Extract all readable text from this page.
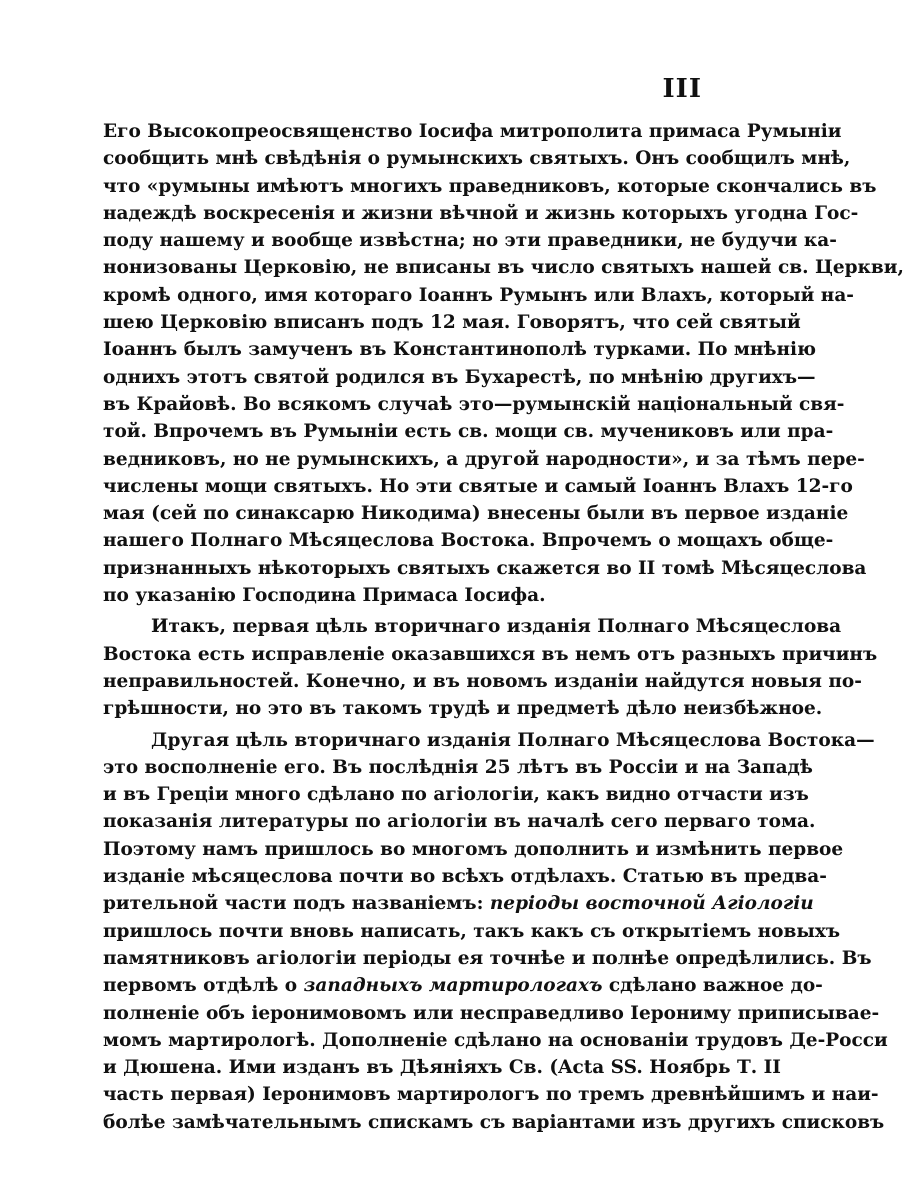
III
Его Высокопреосвященство Іосифа митрополита примаса Румыніи
сообщить мнѣ свѣдѣнія о румынскихъ святыхъ. Онъ сообщилъ мнѣ,
что «румыны имѣютъ многихъ праведниковъ, которые скончались въ
надеждѣ воскресенія и жизни вѣчной и жизнь которыхъ угодна Гос-
поду нашему и вообще извѣстна; но эти праведники, не будучи ка-
нонизованы Церковію, не вписаны въ число святыхъ нашей св. Церкви,
кромѣ одного, имя котораго Іоаннъ Румынъ или Влахъ, который на-
шею Церковію вписанъ подъ 12 мая. Говорятъ, что сей святый
Іоаннъ былъ замученъ въ Константинополѣ турками. По мнѣнію
однихъ этотъ святой родился въ Бухарестѣ, по мнѣнію другихъ—
въ Крайовѣ. Во всякомъ случаѣ это—румынскій національный свя-
той. Впрочемъ въ Румыніи есть св. мощи св. мучениковъ или пра-
ведниковъ, но не румынскихъ, а другой народности», и за тѣмъ пере-
числены мощи святыхъ. Но эти святые и самый Іоаннъ Влахъ 12-го
мая (сей по синаксарю Никодима) внесены были въ первое изданіе
нашего Полнаго Мѣсяцеслова Востока. Впрочемъ о мощахъ обще-
признанныхъ нѣкоторыхъ святыхъ скажется во II томѣ Мѣсяцеслова
по указанію Господина Примаса Іосифа.
Итакъ, первая цѣль вторичнаго изданія Полнаго Мѣсяцеслова
Востока есть исправленіе оказавшихся въ немъ отъ разныхъ причинъ
неправильностей. Конечно, и въ новомъ изданіи найдутся новыя по-
грѣшности, но это въ такомъ трудѣ и предметѣ дѣло неизбѣжное.
Другая цѣль вторичнаго изданія Полнаго Мѣсяцеслова Востока—
это восполненіе его. Въ послѣднія 25 лѣтъ въ Россіи и на Западѣ
и въ Греціи много сдѣлано по агіологіи, какъ видно отчасти изъ
показанія литературы по агіологіи въ началѣ сего перваго тома.
Поэтому намъ пришлось во многомъ дополнить и измѣнить первое
изданіе мѣсяцеслова почти во всѣхъ отдѣлахъ. Статью въ предва-
рительной части подъ названіемъ: періоды восточной Агіологіи
пришлось почти вновь написать, такъ какъ съ открытіемъ новыхъ
памятниковъ агіологіи періоды ея точнѣе и полнѣе опредѣлились. Въ
первомъ отдѣлѣ о западныхъ мартирологахъ сдѣлано важное до-
полненіе объ іеронимовомъ или несправедливо Іерониму приписывае-
момъ мартирологѣ. Дополненіе сдѣлано на основаніи трудовъ Де-Росси
и Дюшена. Ими изданъ въ Дѣяніяхъ Св. (Acta SS. Ноябрь Т. II
часть первая) Іеронимовъ мартирологъ по тремъ древнѣйшимъ и наи-
болѣе замѣчательнымъ спискамъ съ варіантами изъ другихъ списковъ
